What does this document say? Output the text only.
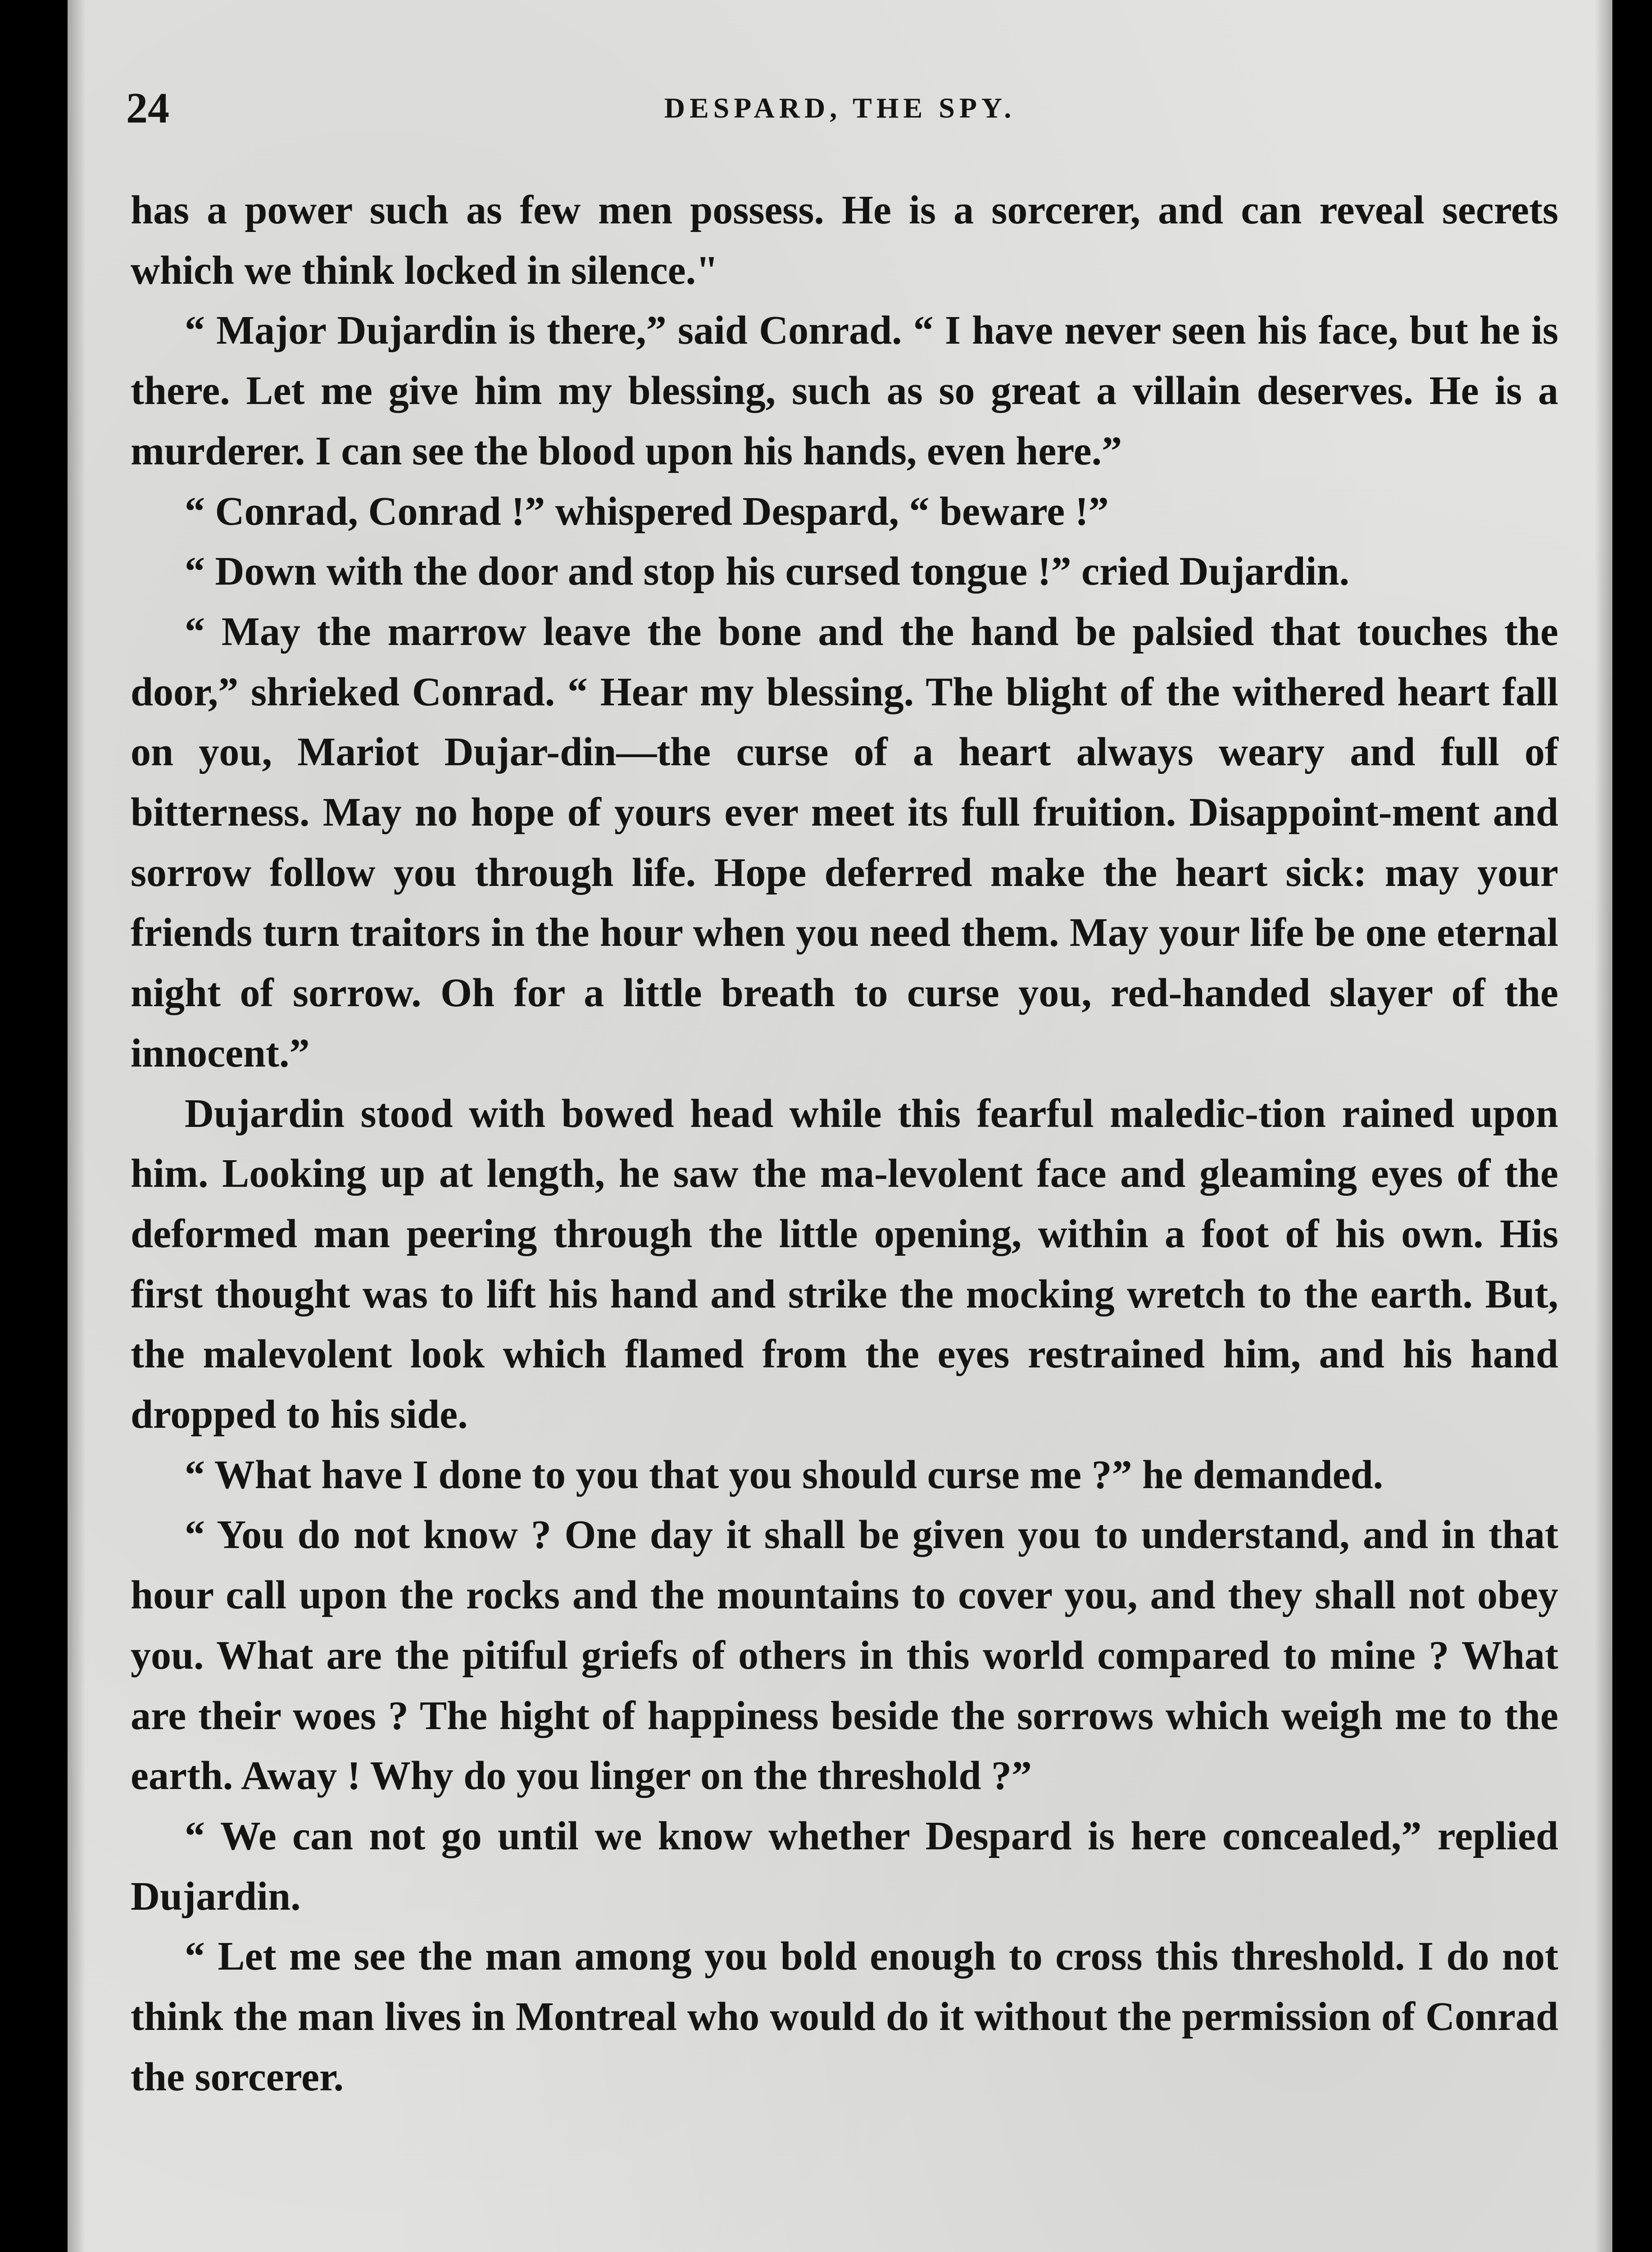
24	DESPARD, THE SPY.

has a power such as few men possess. He is a sorcerer, and can reveal secrets which we think locked in silence."

“ Major Dujardin is there,” said Conrad. “ I have never seen his face, but he is there. Let me give him my blessing, such as so great a villain deserves. He is a murderer. I can see the blood upon his hands, even here.”

“ Conrad, Conrad !” whispered Despard, “ beware !”

“ Down with the door and stop his cursed tongue !” cried Dujardin.

“ May the marrow leave the bone and the hand be palsied that touches the door,” shrieked Conrad. “ Hear my blessing. The blight of the withered heart fall on you, Mariot Dujar-din—the curse of a heart always weary and full of bitterness. May no hope of yours ever meet its full fruition. Disappoint-ment and sorrow follow you through life. Hope deferred make the heart sick: may your friends turn traitors in the hour when you need them. May your life be one eternal night of sorrow. Oh for a little breath to curse you, red-handed slayer of the innocent.”

Dujardin stood with bowed head while this fearful maledic-tion rained upon him. Looking up at length, he saw the ma-levolent face and gleaming eyes of the deformed man peering through the little opening, within a foot of his own. His first thought was to lift his hand and strike the mocking wretch to the earth. But, the malevolent look which flamed from the eyes restrained him, and his hand dropped to his side.

“ What have I done to you that you should curse me ?” he demanded.

“ You do not know ? One day it shall be given you to understand, and in that hour call upon the rocks and the mountains to cover you, and they shall not obey you. What are the pitiful griefs of others in this world compared to mine ? What are their woes ? The hight of happiness beside the sorrows which weigh me to the earth. Away ! Why do you linger on the threshold ?”

“ We can not go until we know whether Despard is here concealed,” replied Dujardin.

“ Let me see the man among you bold enough to cross this threshold. I do not think the man lives in Montreal who would do it without the permission of Conrad the sorcerer.
